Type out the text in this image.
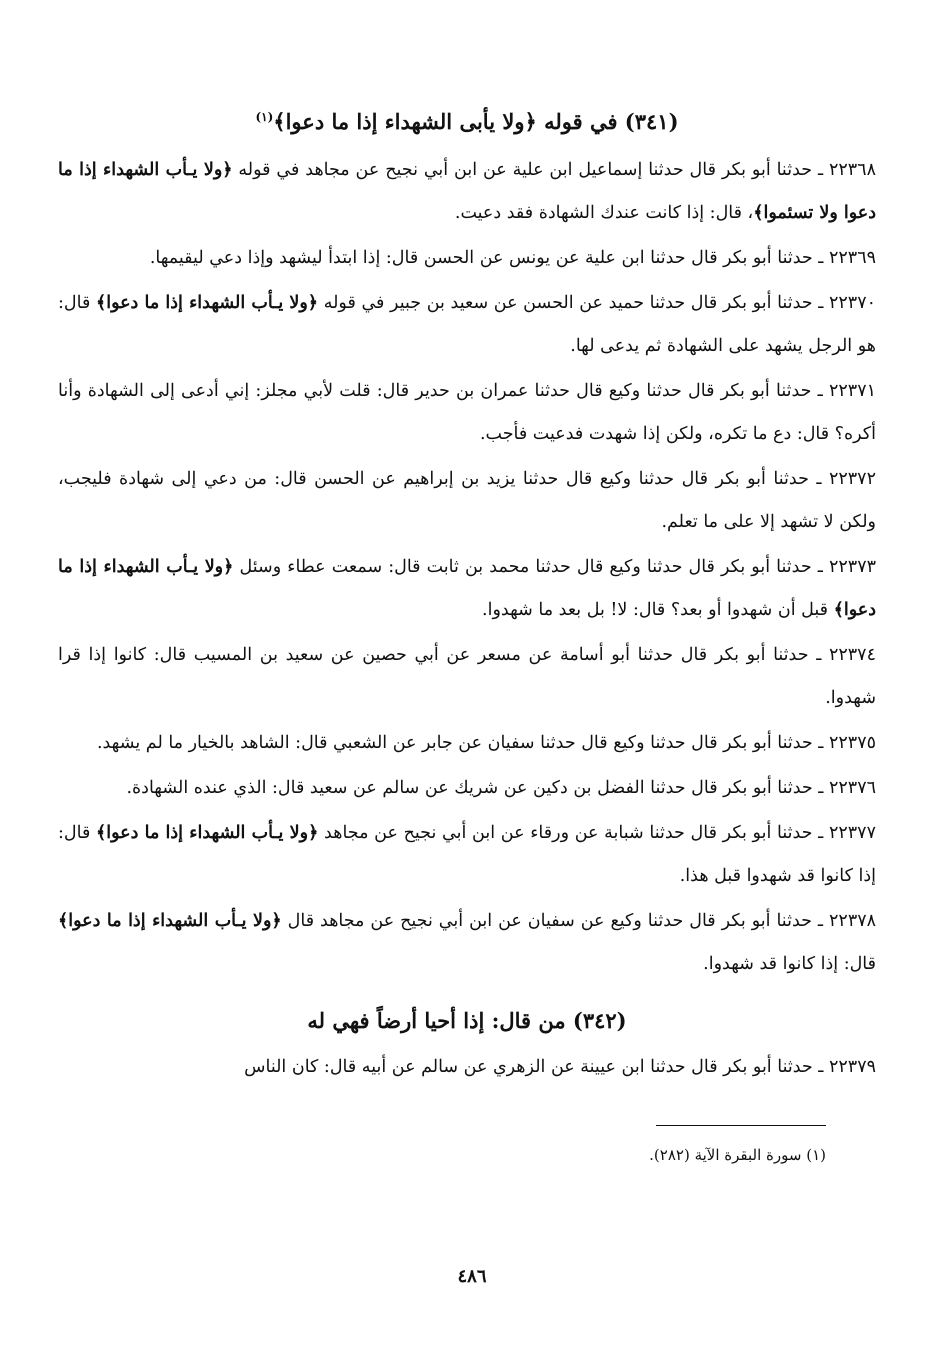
(٣٤١) في قوله ﴿ولا يأبى الشهداء إذا ما دعوا﴾$^{(١)}$

٢٢٣٦٨ ـ حدثنا أبو بكر قال حدثنا إسماعيل ابن علية عن ابن أبي نجيح عن مجاهد في قوله ﴿ولا يـأب الشهداء إذا ما دعوا ولا تسئموا﴾، قال: إذا كانت عندك الشهادة فقد دعيت.

٢٢٣٦٩ ـ حدثنا أبو بكر قال حدثنا ابن علية عن يونس عن الحسن قال: إذا ابتدأ ليشهد وإذا دعي ليقيمها.

٢٢٣٧٠ ـ حدثنا أبو بكر قال حدثنا حميد عن الحسن عن سعيد بن جبير في قوله ﴿ولا يـأب الشهداء إذا ما دعوا﴾ قال: هو الرجل يشهد على الشهادة ثم يدعى لها.

٢٢٣٧١ ـ حدثنا أبو بكر قال حدثنا وكيع قال حدثنا عمران بن حدير قال: قلت لأبي مجلز: إني أدعى إلى الشهادة وأنا أكره؟ قال: دع ما تكره، ولكن إذا شهدت فدعيت فأجب.

٢٢٣٧٢ ـ حدثنا أبو بكر قال حدثنا وكيع قال حدثنا يزيد بن إبراهيم عن الحسن قال: من دعي إلى شهادة فليجب، ولكن لا تشهد إلا على ما تعلم.

٢٢٣٧٣ ـ حدثنا أبو بكر قال حدثنا وكيع قال حدثنا محمد بن ثابت قال: سمعت عطاء وسئل ﴿ولا يـأب الشهداء إذا ما دعوا﴾ قبل أن شهدوا أو بعد؟ قال: لا! بل بعد ما شهدوا.

٢٢٣٧٤ ـ حدثنا أبو بكر قال حدثنا أبو أسامة عن مسعر عن أبي حصين عن سعيد بن المسيب قال: كانوا إذا قرا شهدوا.

٢٢٣٧٥ ـ حدثنا أبو بكر قال حدثنا وكيع قال حدثنا سفيان عن جابر عن الشعبي قال: الشاهد بالخيار ما لم يشهد.

٢٢٣٧٦ ـ حدثنا أبو بكر قال حدثنا الفضل بن دكين عن شريك عن سالم عن سعيد قال: الذي عنده الشهادة.

٢٢٣٧٧ ـ حدثنا أبو بكر قال حدثنا شبابة عن ورقاء عن ابن أبي نجيح عن مجاهد ﴿ولا يـأب الشهداء إذا ما دعوا﴾ قال: إذا كانوا قد شهدوا قبل هذا.

٢٢٣٧٨ ـ حدثنا أبو بكر قال حدثنا وكيع عن سفيان عن ابن أبي نجيح عن مجاهد قال ﴿ولا يـأب الشهداء إذا ما دعوا﴾ قال: إذا كانوا قد شهدوا.

(٣٤٢) من قال: إذا أحيا أرضاً فهي له

٢٢٣٧٩ ـ حدثنا أبو بكر قال حدثنا ابن عيينة عن الزهري عن سالم عن أبيه قال: كان الناس

(١) سورة البقرة الآية (٢٨٢).
٤٨٦
